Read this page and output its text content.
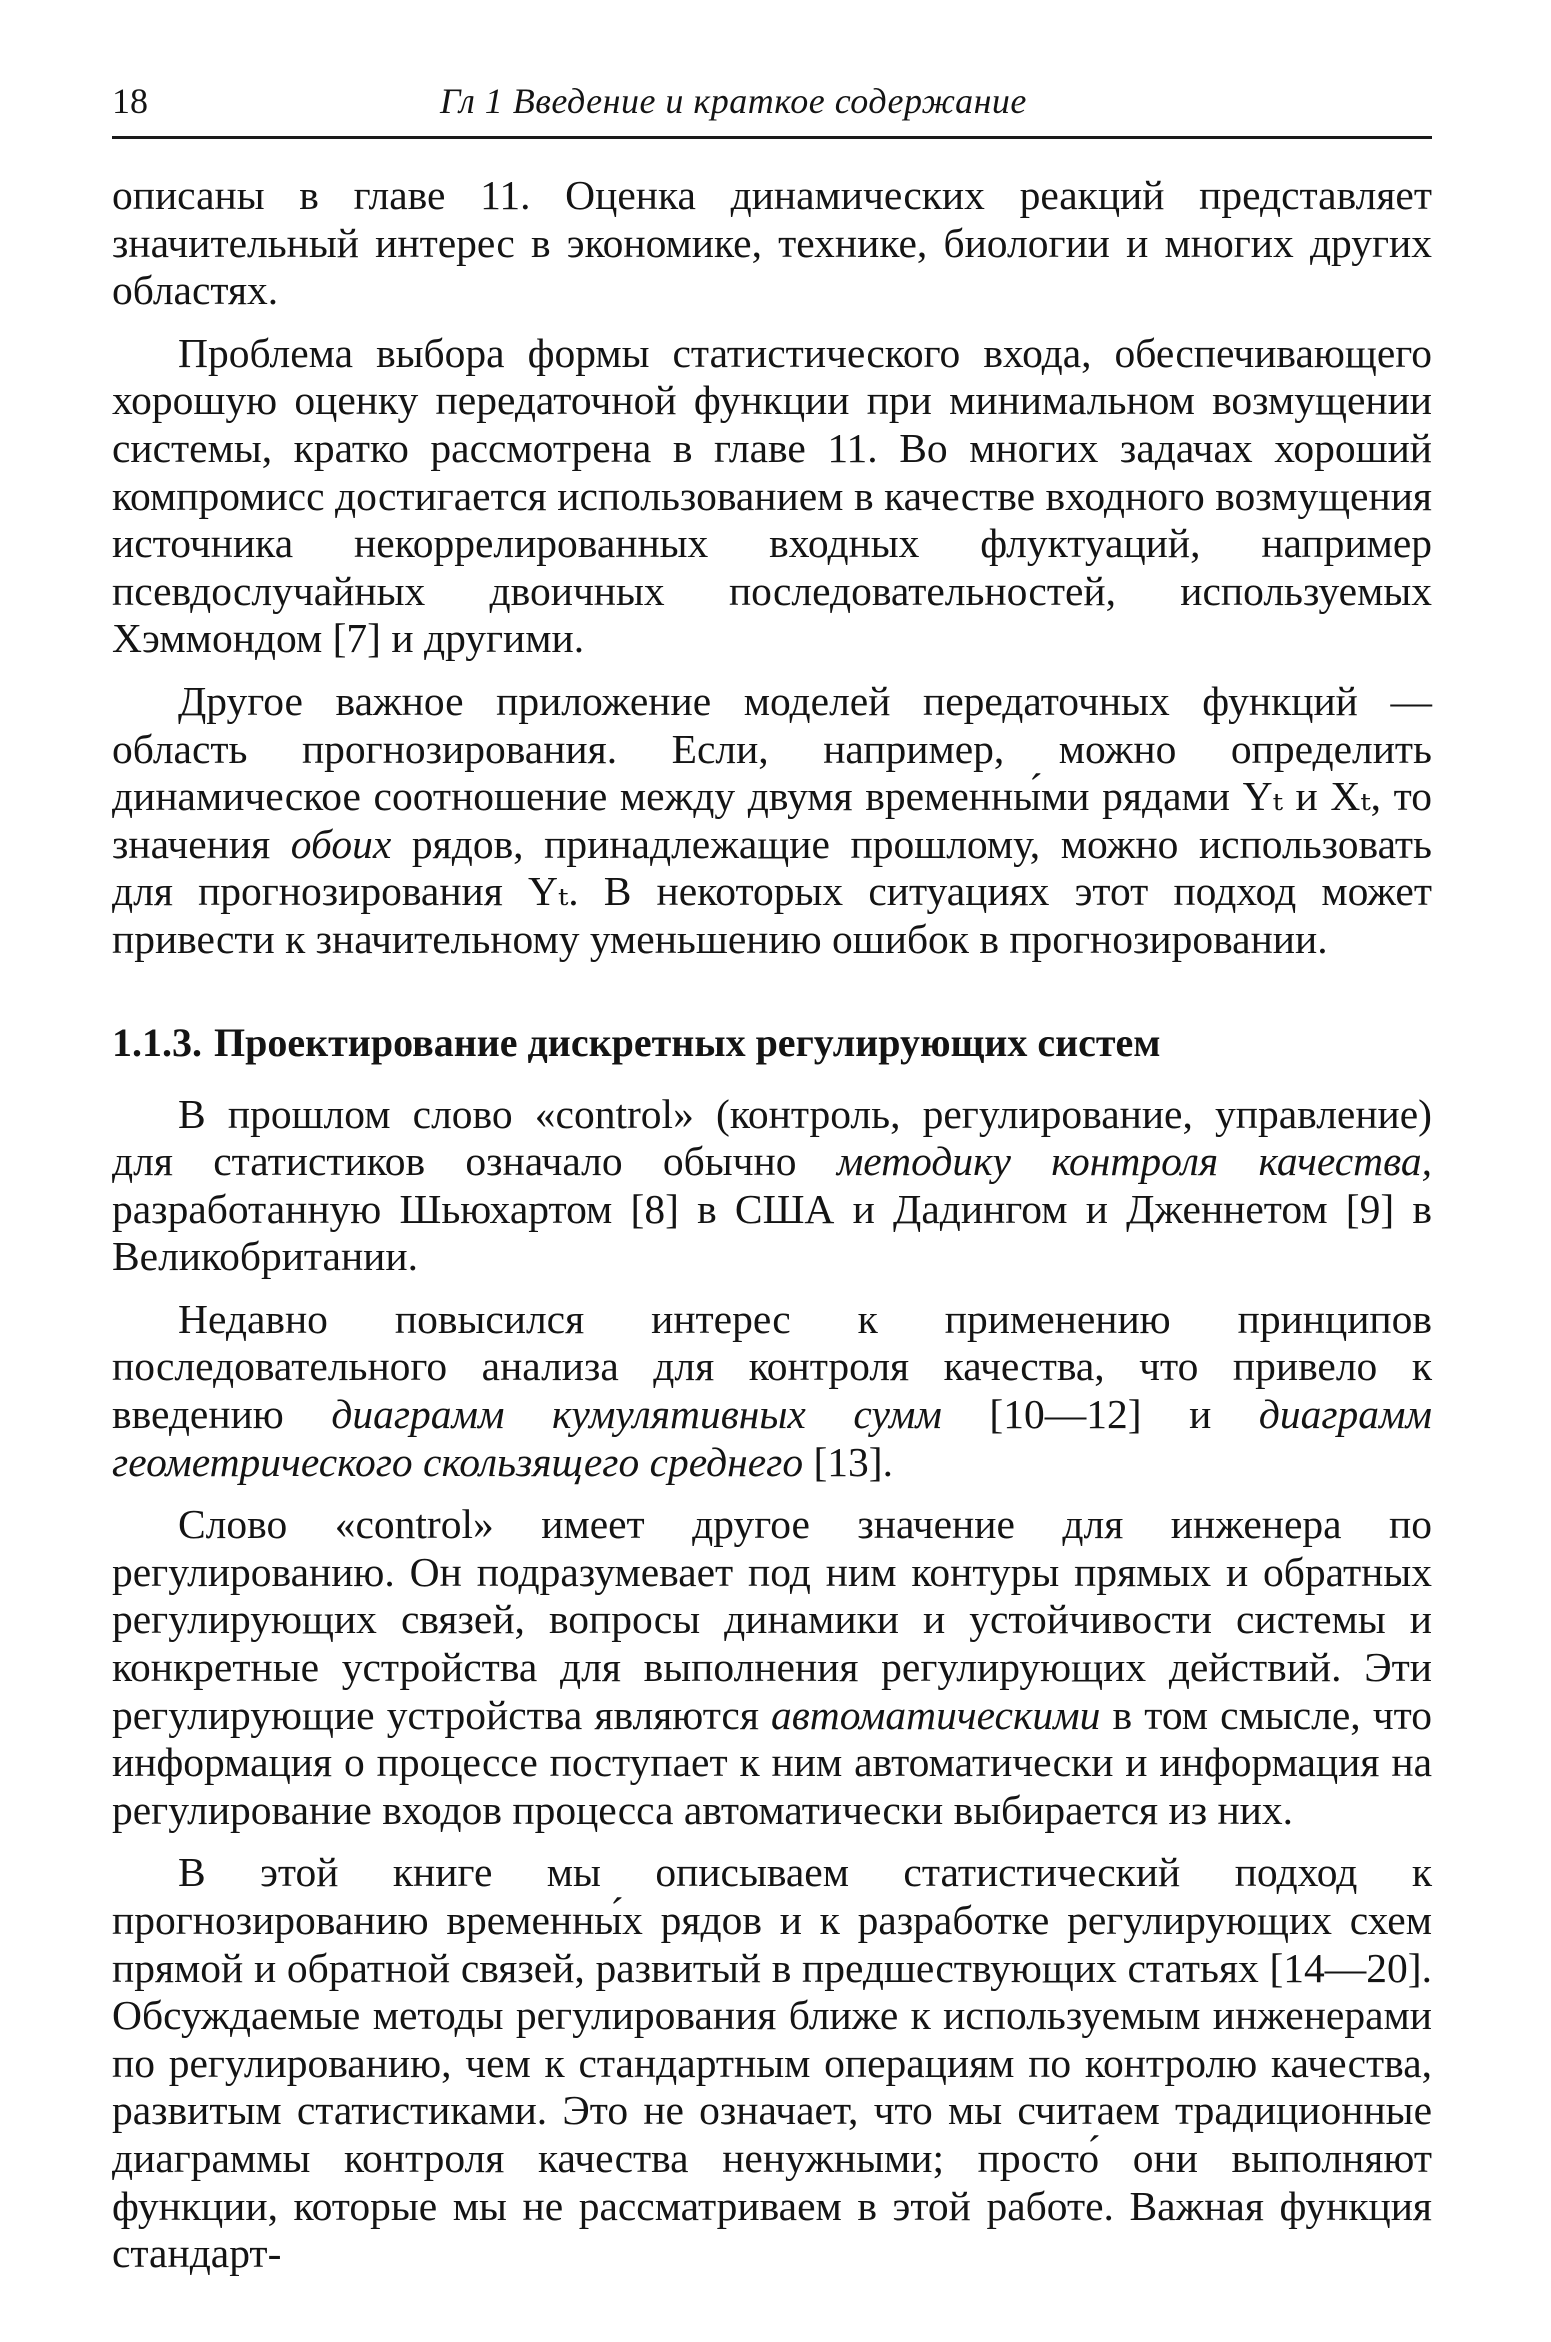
18	Гл 1 Введение и краткое содержание

описаны в главе 11. Оценка динамических реакций представляет значительный интерес в экономике, технике, биологии и многих других областях.

Проблема выбора формы статистического входа, обеспечивающего хорошую оценку передаточной функции при минимальном возмущении системы, кратко рассмотрена в главе 11. Во многих задачах хороший компромисс достигается использованием в качестве входного возмущения источника некоррелированных входных флуктуаций, например псевдослучайных двоичных последовательностей, используемых Хэммондом [7] и другими.

Другое важное приложение моделей передаточных функций — область прогнозирования. Если, например, можно определить динамическое соотношение между двумя временны́ми рядами Yₜ и Xₜ, то значения обоих рядов, принадлежащие прошлому, можно использовать для прогнозирования Yₜ. В некоторых ситуациях этот подход может привести к значительному уменьшению ошибок в прогнозировании.

1.1.3. Проектирование дискретных регулирующих систем

В прошлом слово «control» (контроль, регулирование, управление) для статистиков означало обычно методику контроля качества, разработанную Шьюхартом [8] в США и Дадингом и Дженнетом [9] в Великобритании.

Недавно повысился интерес к применению принципов последовательного анализа для контроля качества, что привело к введению диаграмм кумулятивных сумм [10—12] и диаграмм геометрического скользящего среднего [13].

Слово «control» имеет другое значение для инженера по регулированию. Он подразумевает под ним контуры прямых и обратных регулирующих связей, вопросы динамики и устойчивости системы и конкретные устройства для выполнения регулирующих действий. Эти регулирующие устройства являются автоматическими в том смысле, что информация о процессе поступает к ним автоматически и информация на регулирование входов процесса автоматически выбирается из них.

В этой книге мы описываем статистический подход к прогнозированию временны́х рядов и к разработке регулирующих схем прямой и обратной связей, развитый в предшествующих статьях [14—20]. Обсуждаемые методы регулирования ближе к используемым инженерами по регулированию, чем к стандартным операциям по контролю качества, развитым статистиками. Это не означает, что мы считаем традиционные диаграммы контроля качества ненужными; просто́ они выполняют функции, которые мы не рассматриваем в этой работе. Важная функция стандарт-
